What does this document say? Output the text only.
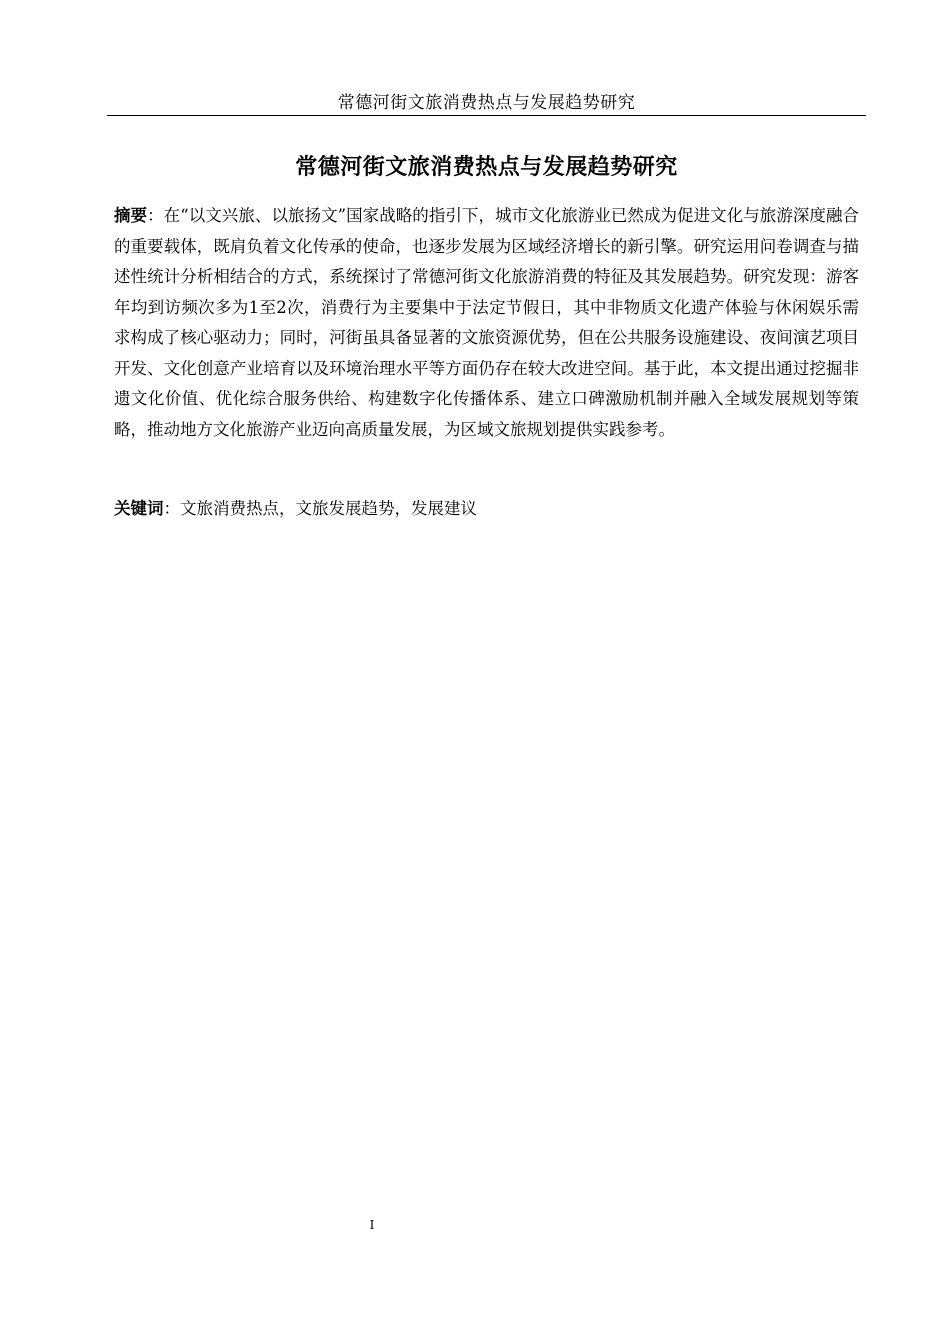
常德河街文旅消费热点与发展趋势研究
常德河街文旅消费热点与发展趋势研究

摘要：在“以文兴旅、以旅扬文”国家战略的指引下，城市文化旅游业已然成为促进文化与旅游深度融合的重要载体，既肩负着文化传承的使命，也逐步发展为区域经济增长的新引擎。研究运用问卷调查与描述性统计分析相结合的方式，系统探讨了常德河街文化旅游消费的特征及其发展趋势。研究发现：游客年均到访频次多为1至2次，消费行为主要集中于法定节假日，其中非物质文化遗产体验与休闲娱乐需求构成了核心驱动力；同时，河街虽具备显著的文旅资源优势，但在公共服务设施建设、夜间演艺项目开发、文化创意产业培育以及环境治理水平等方面仍存在较大改进空间。基于此，本文提出通过挖掘非遗文化价值、优化综合服务供给、构建数字化传播体系、建立口碑激励机制并融入全域发展规划等策略，推动地方文化旅游产业迈向高质量发展，为区域文旅规划提供实践参考。

关键词：文旅消费热点，文旅发展趋势，发展建议

I
